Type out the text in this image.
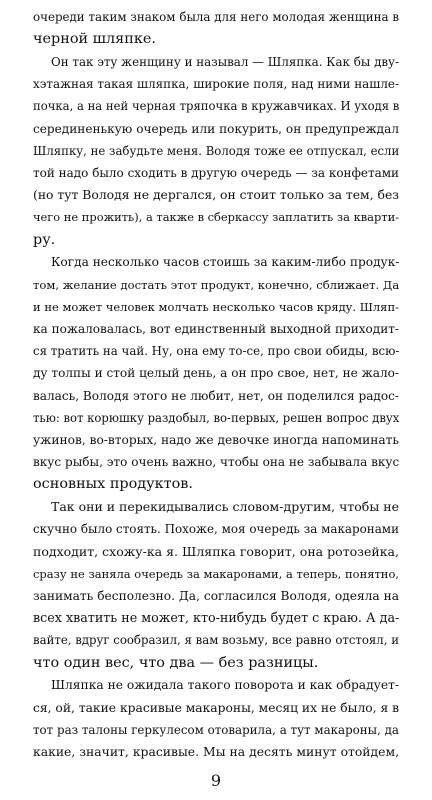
очереди таким знаком была для него молодая женщина в
черной шляпке.
Он так эту женщину и называл — Шляпка. Как бы дву-
хэтажная такая шляпка, широкие поля, над ними нашле-
почка, а на ней черная тряпочка в кружавчиках. И уходя в
серединенькую очередь или покурить, он предупреждал
Шляпку, не забудьте меня. Володя тоже ее отпускал, если
той надо было сходить в другую очередь — за конфетами
(но тут Володя не дергался, он стоит только за тем, без
чего не прожить), а также в сберкассу заплатить за кварти-
ру.
Когда несколько часов стоишь за каким-либо продук-
том, желание достать этот продукт, конечно, сближает. Да
и не может человек молчать несколько часов кряду. Шляп-
ка пожаловалась, вот единственный выходной приходит-
ся тратить на чай. Ну, она ему то-се, про свои обиды, всю-
ду толпы и стой целый день, а он про свое, нет, не жало-
валась, Володя этого не любит, нет, он поделился радос-
тью: вот корюшку раздобыл, во-первых, решен вопрос двух
ужинов, во-вторых, надо же девочке иногда напоминать
вкус рыбы, это очень важно, чтобы она не забывала вкус
основных продуктов.
Так они и перекидывались словом-другим, чтобы не
скучно было стоять. Похоже, моя очередь за макаронами
подходит, схожу-ка я. Шляпка говорит, она ротозейка,
сразу не заняла очередь за макаронами, а теперь, понятно,
занимать бесполезно. Да, согласился Володя, одеяла на
всех хватить не может, кто-нибудь будет с краю. А да-
вайте, вдруг сообразил, я вам возьму, все равно отстоял, и
что один вес, что два — без разницы.
Шляпка не ожидала такого поворота и как обрадует-
ся, ой, такие красивые макароны, месяц их не было, я в
тот раз талоны геркулесом отоварила, а тут макароны, да
какие, значит, красивые. Мы на десять минут отойдем,
9
